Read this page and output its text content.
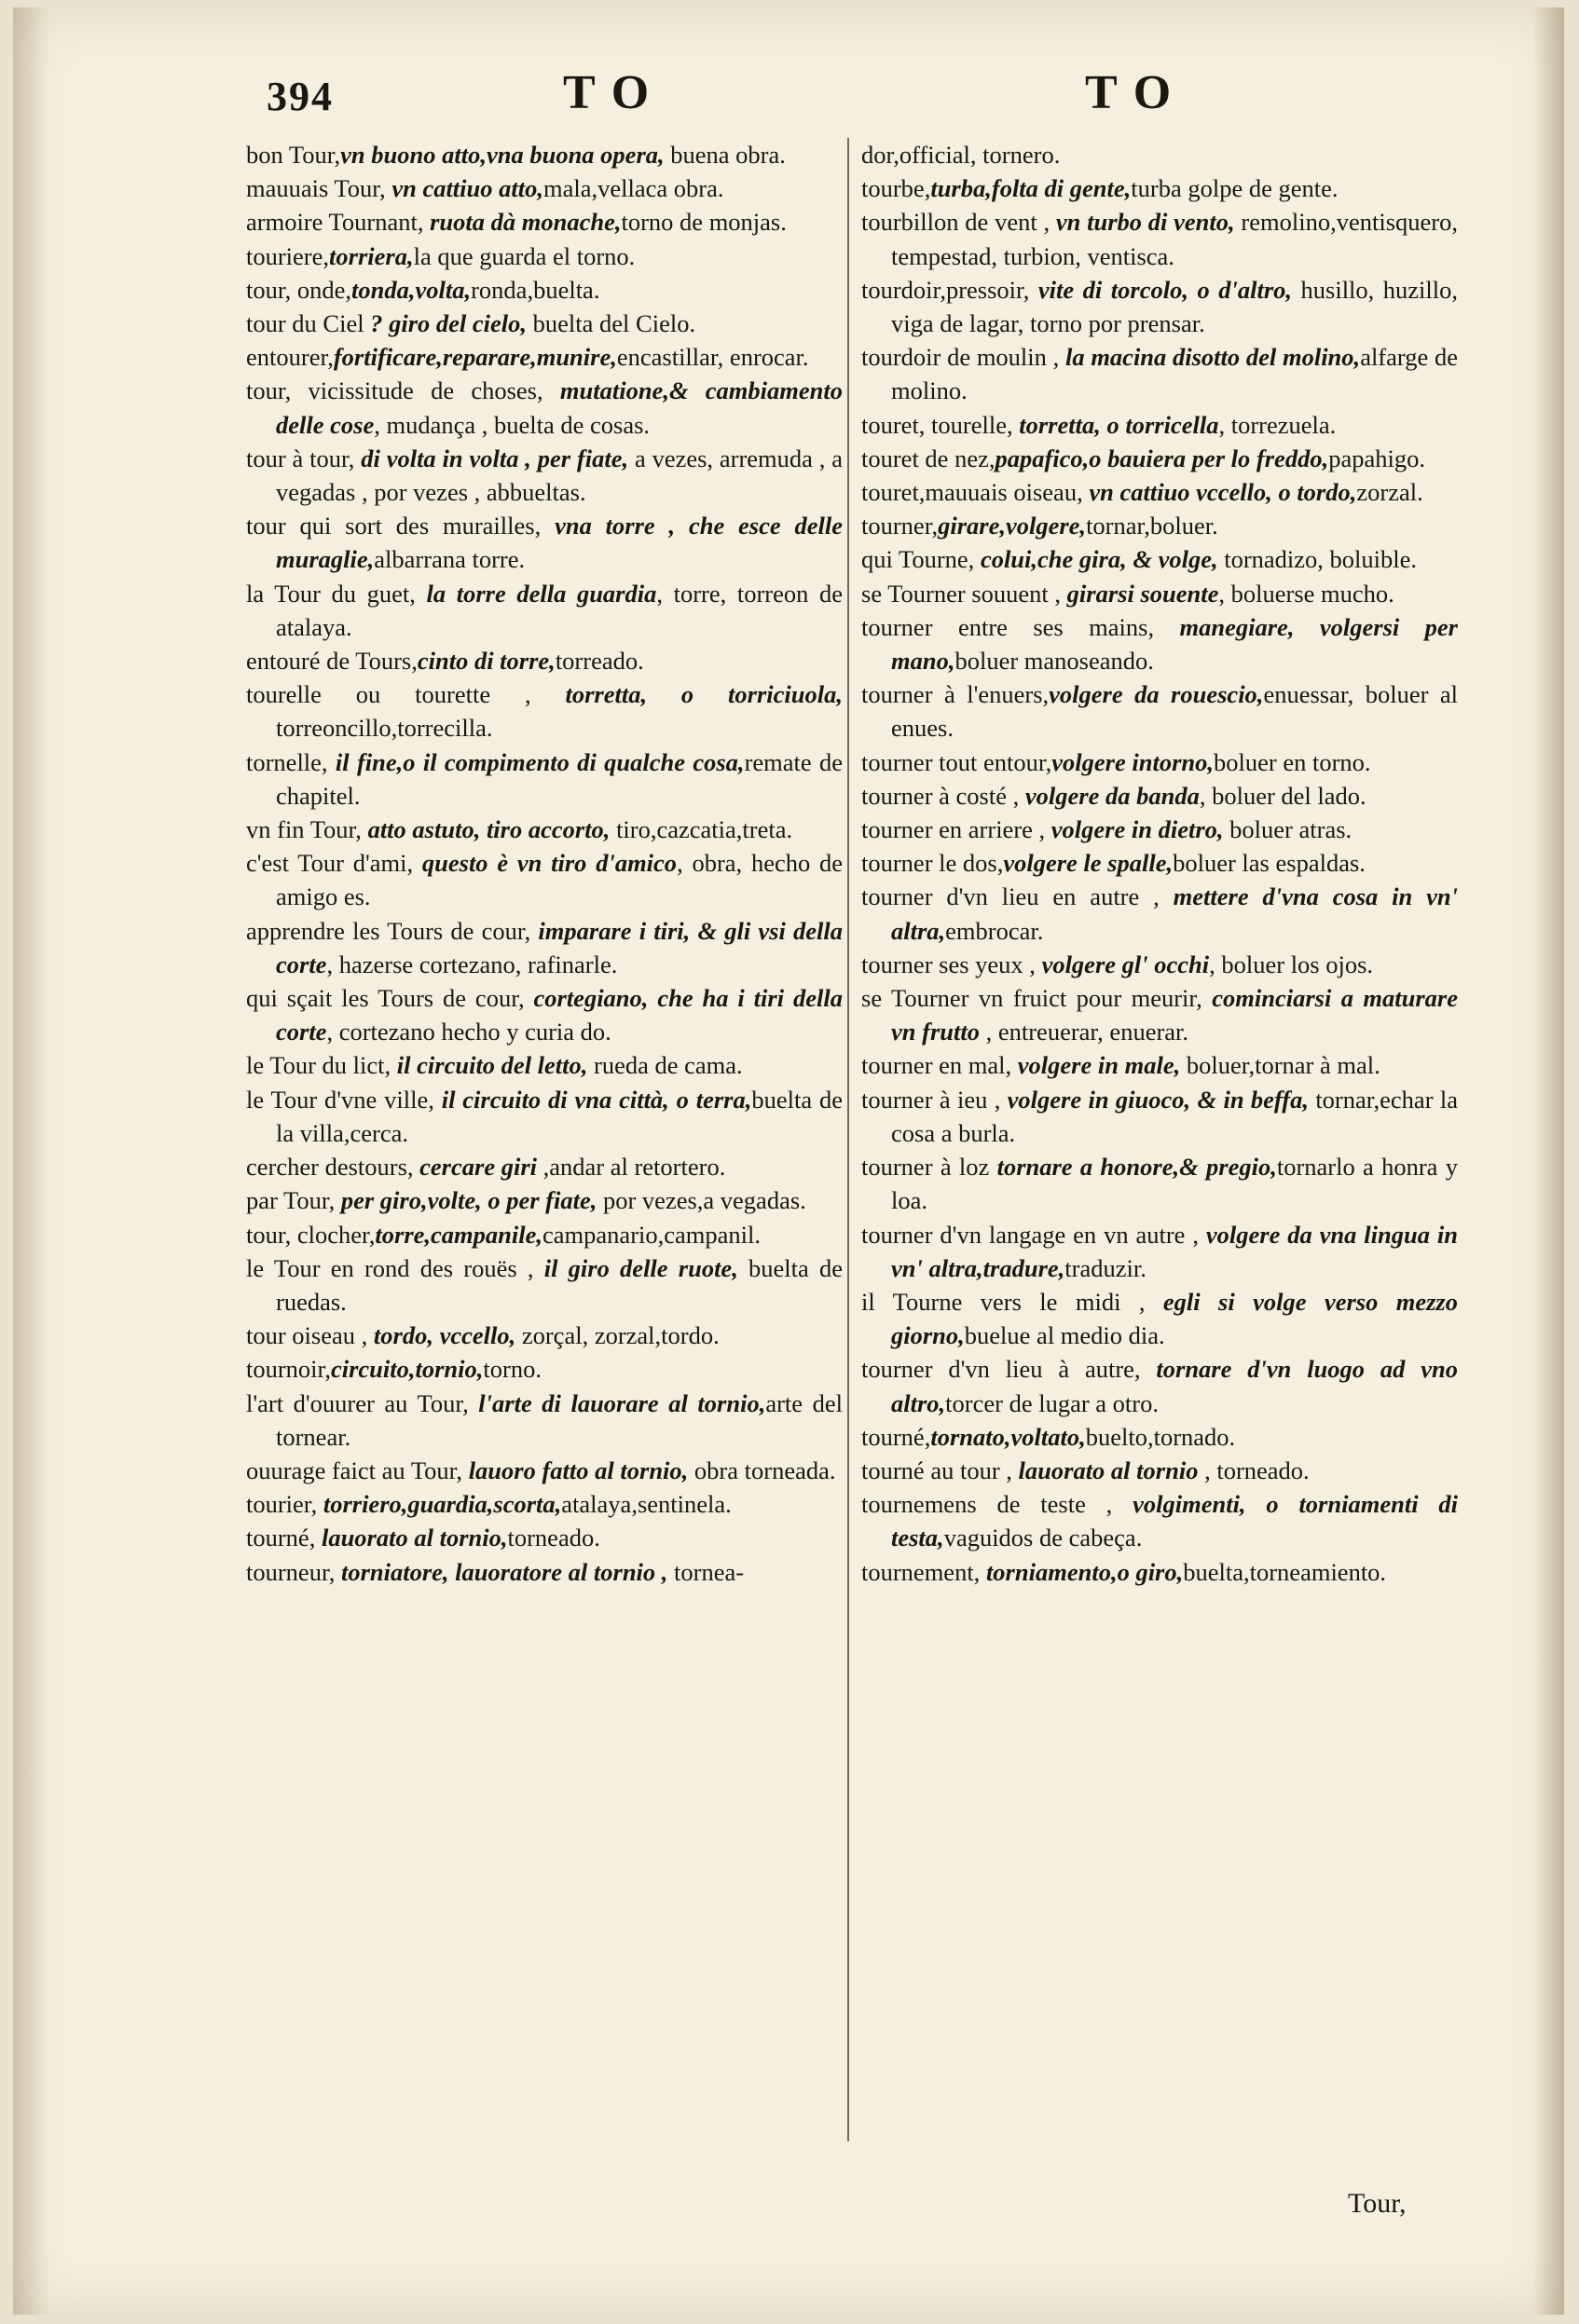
394	TO	TO

bon Tour,vn buono atto,vna buona opera, buena obra.

mauuais Tour, vn cattiuo atto,mala,vellaca obra.

armoire Tournant, ruota dà monache,torno de monjas.

touriere,torriera,la que guarda el torno.

tour, onde,tonda,volta,ronda,buelta.

tour du Ciel ? giro del cielo, buelta del Cielo.

entourer,fortificare,reparare,munire,encastillar, enrocar.

tour, vicissitude de choses, mutatione,& cambiamento delle cose, mudança , buelta de cosas.

tour à tour, di volta in volta , per fiate, a vezes, arremuda , a vegadas , por vezes , abbueltas.

tour qui sort des murailles, vna torre , che esce delle muraglie,albarrana torre.

la Tour du guet, la torre della guardia, torre, torreon de atalaya.

entouré de Tours,cinto di torre,torreado.

tourelle ou tourette , torretta, o torriciuola, torreoncillo,torrecilla.

tornelle, il fine,o il compimento di qualche cosa,remate de chapitel.

vn fin Tour, atto astuto, tiro accorto, tiro,cazcatia,treta.

c'est Tour d'ami, questo è vn tiro d'amico, obra, hecho de amigo es.

apprendre les Tours de cour, imparare i tiri, & gli vsi della corte, hazerse cortezano, rafinarle.

qui sçait les Tours de cour, cortegiano, che ha i tiri della corte, cortezano hecho y curia do.

le Tour du lict, il circuito del letto, rueda de cama.

le Tour d'vne ville, il circuito di vna città, o terra,buelta de la villa,cerca.

cercher destours, cercare giri ,andar al retortero.

par Tour, per giro,volte, o per fiate, por vezes,a vegadas.

tour, clocher,torre,campanile,campanario,campanil.

le Tour en rond des rouës , il giro delle ruote, buelta de ruedas.

tour oiseau , tordo, vccello, zorçal, zorzal,tordo.

tournoir,circuito,tornio,torno.

l'art d'ouurer au Tour, l'arte di lauorare al tornio,arte del tornear.

ouurage faict au Tour, lauoro fatto al tornio, obra torneada.

tourier, torriero,guardia,scorta,atalaya,sentinela.

tourné, lauorato al tornio,torneado.

tourneur, torniatore, lauoratore al tornio , tornea-

dor,official, tornero.

tourbe,turba,folta di gente,turba golpe de gente.

tourbillon de vent , vn turbo di vento, remolino,ventisquero, tempestad, turbion, ventisca.

tourdoir,pressoir, vite di torcolo, o d'altro, husillo, huzillo, viga de lagar, torno por prensar.

tourdoir de moulin , la macina disotto del molino,alfarge de molino.

touret, tourelle, torretta, o torricella, torrezuela.

touret de nez,papafico,o bauiera per lo freddo,papahigo.

touret,mauuais oiseau, vn cattiuo vccello, o tordo,zorzal.

tourner,girare,volgere,tornar,boluer.

qui Tourne, colui,che gira, & volge, tornadizo, boluible.

se Tourner souuent , girarsi souente, boluerse mucho.

tourner entre ses mains, manegiare, volgersi per mano,boluer manoseando.

tourner à l'enuers,volgere da rouescio,enuessar, boluer al enues.

tourner tout entour,volgere intorno,boluer en torno.

tourner à costé , volgere da banda, boluer del lado.

tourner en arriere , volgere in dietro, boluer atras.

tourner le dos,volgere le spalle,boluer las espaldas.

tourner d'vn lieu en autre , mettere d'vna cosa in vn' altra,embrocar.

tourner ses yeux , volgere gl' occhi, boluer los ojos.

se Tourner vn fruict pour meurir, cominciarsi a maturare vn frutto , entreuerar, enuerar.

tourner en mal, volgere in male, boluer,tornar à mal.

tourner à ieu , volgere in giuoco, & in beffa, tornar,echar la cosa a burla.

tourner à loz tornare a honore,& pregio,tornarlo a honra y loa.

tourner d'vn langage en vn autre , volgere da vna lingua in vn' altra,tradure,traduzir.

il Tourne vers le midi , egli si volge verso mezzo giorno,buelue al medio dia.

tourner d'vn lieu à autre, tornare d'vn luogo ad vno altro,torcer de lugar a otro.

tourné,tornato,voltato,buelto,tornado.

tourné au tour , lauorato al tornio , torneado.

tournemens de teste , volgimenti, o torniamenti di testa,vaguidos de cabeça.

tournement, torniamento,o giro,buelta,torneamiento.

Tour,
